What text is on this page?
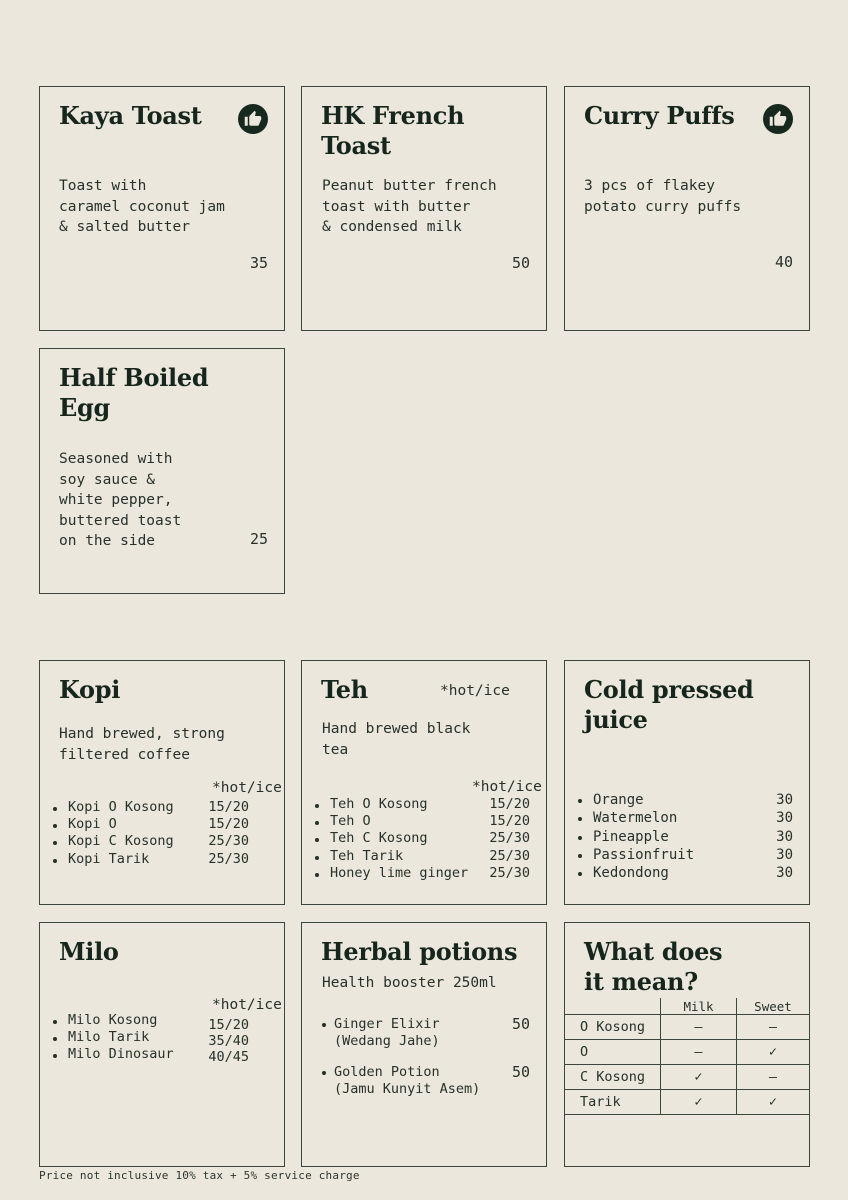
Kaya Toast
Toast with
caramel coconut jam
& salted butter
35
HK French
Toast
Peanut butter french
toast with butter
& condensed milk
50
Curry Puffs
3 pcs of flakey
potato curry puffs
40
Half Boiled
Egg
Seasoned with
soy sauce &
white pepper,
buttered toast
on the side	25
Kopi
Hand brewed, strong
filtered coffee
*hot/ice
Kopi O Kosong	15/20
Kopi O	15/20
Kopi C Kosong	25/30
Kopi Tarik	25/30
Teh	*hot/ice
Hand brewed black
tea
*hot/ice
Teh O Kosong	15/20
Teh O	15/20
Teh C Kosong	25/30
Teh Tarik	25/30
Honey lime ginger 25/30
Cold pressed
juice
Orange	30
Watermelon	30
Pineapple	30
Passionfruit	30
Kedondong	30
Milo
*hot/ice
Milo Kosong	15/20
Milo Tarik	35/40
Milo Dinosaur	40/45
Herbal potions
Health booster 250ml
Ginger Elixir
(Wedang Jahe)
50
Golden Potion
(Jamu Kunyit Asem)
50
What does
it mean?
	Milk	Sweet
O Kosong	–	–
O	–	✓
C Kosong	✓	–
Tarik	✓	✓
Price not inclusive 10% tax + 5% service charge
